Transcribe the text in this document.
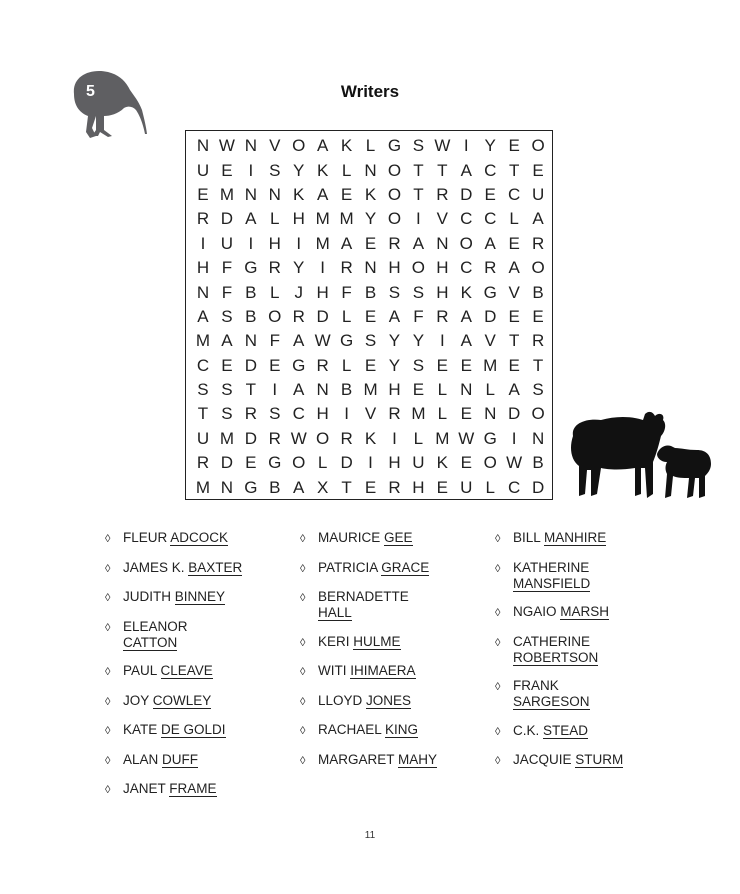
5	Writers
N W N V O A K L G S W I Y E O
U E I S Y K L N O T T A C T E
E M N N K A E K O T R D E C U
R D A L H M M Y O I V C C L A
I U I H I M A E R A N O A E R
H F G R Y I R N H O H C R A O
N F B L J H F B S S H K G V B
A S B O R D L E A F R A D E E
M A N F A W G S Y Y I A V T R
C E D E G R L E Y S E E M E T
S S T I A N B M H E L N L A S
T S R S C H I V R M L E N D O
U M D R W O R K I L M W G I N
R D E G O L D I H U K E O W B
M N G B A X T E R H E U L C D
◊ FLEUR ADCOCK
◊ JAMES K. BAXTER
◊ JUDITH BINNEY
◊ ELEANOR CATTON
◊ PAUL CLEAVE
◊ JOY COWLEY
◊ KATE DE GOLDI
◊ ALAN DUFF
◊ JANET FRAME
◊ MAURICE GEE
◊ PATRICIA GRACE
◊ BERNADETTE HALL
◊ KERI HULME
◊ WITI IHIMAERA
◊ LLOYD JONES
◊ RACHAEL KING
◊ MARGARET MAHY
◊ BILL MANHIRE
◊ KATHERINE MANSFIELD
◊ NGAIO MARSH
◊ CATHERINE ROBERTSON
◊ FRANK SARGESON
◊ C.K. STEAD
◊ JACQUIE STURM
11
